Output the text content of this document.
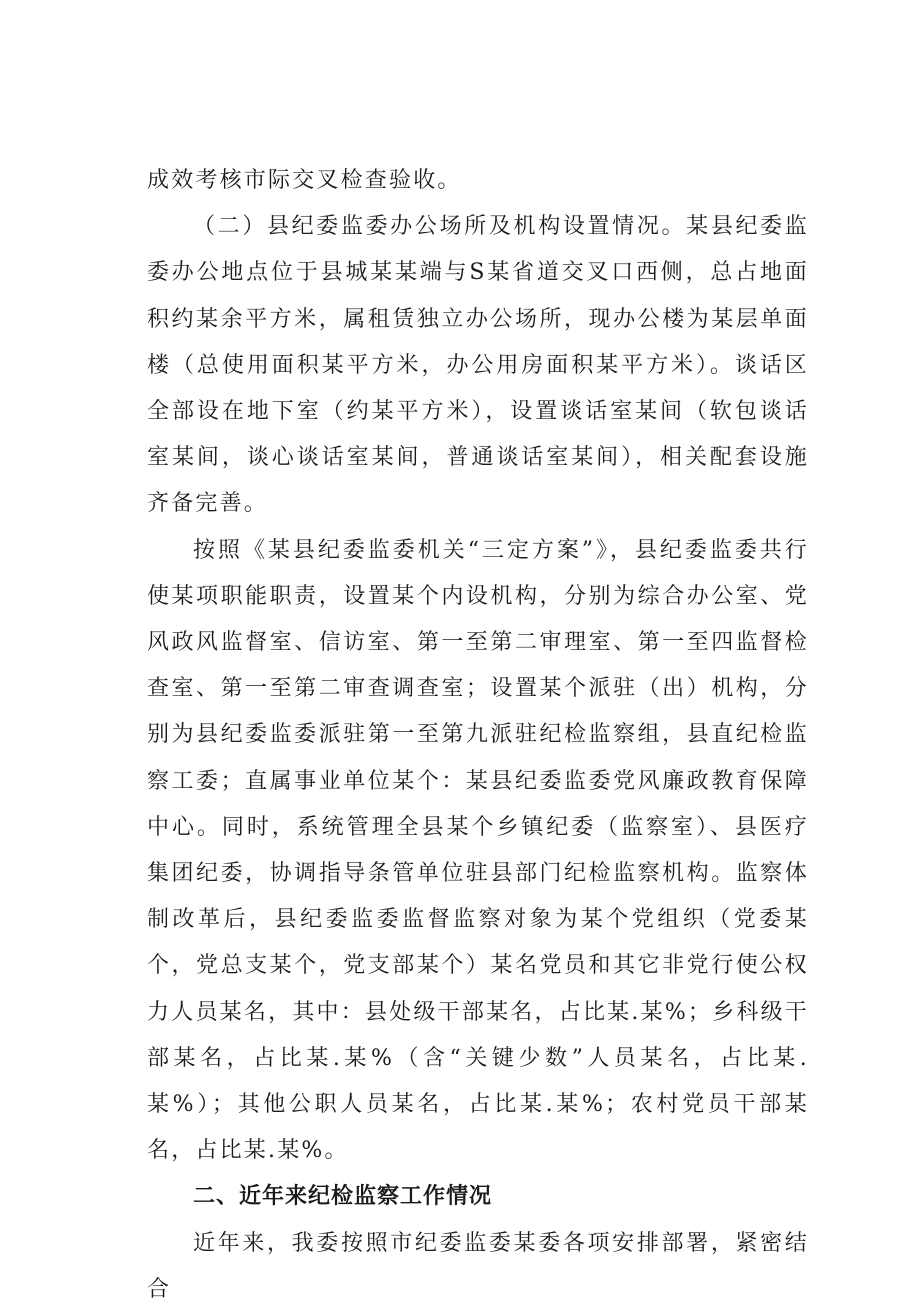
成效考核市际交叉检查验收。

（二）县纪委监委办公场所及机构设置情况。某县纪委监委办公地点位于县城某某端与S某省道交叉口西侧，总占地面积约某余平方米，属租赁独立办公场所，现办公楼为某层单面楼（总使用面积某平方米，办公用房面积某平方米）。谈话区全部设在地下室（约某平方米），设置谈话室某间（软包谈话室某间，谈心谈话室某间，普通谈话室某间），相关配套设施齐备完善。

按照《某县纪委监委机关“三定方案”》，县纪委监委共行使某项职能职责，设置某个内设机构，分别为综合办公室、党风政风监督室、信访室、第一至第二审理室、第一至四监督检查室、第一至第二审查调查室；设置某个派驻（出）机构，分别为县纪委监委派驻第一至第九派驻纪检监察组，县直纪检监察工委；直属事业单位某个：某县纪委监委党风廉政教育保障中心。同时，系统管理全县某个乡镇纪委（监察室）、县医疗集团纪委，协调指导条管单位驻县部门纪检监察机构。监察体制改革后，县纪委监委监督监察对象为某个党组织（党委某个，党总支某个，党支部某个）某名党员和其它非党行使公权力人员某名，其中：县处级干部某名，占比某.某%；乡科级干部某名，占比某.某%（含“关键少数”人员某名，占比某.某%）；其他公职人员某名，占比某.某%；农村党员干部某名，占比某.某%。

二、近年来纪检监察工作情况

近年来，我委按照市纪委监委某委各项安排部署，紧密结合
